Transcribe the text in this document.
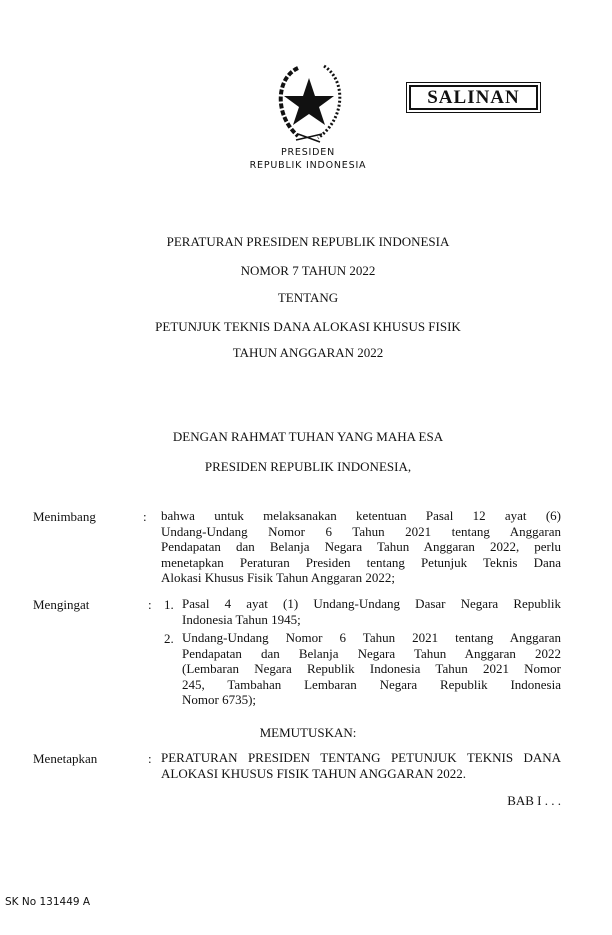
SALINAN
PRESIDEN
REPUBLIK INDONESIA
PERATURAN PRESIDEN REPUBLIK INDONESIA
NOMOR 7 TAHUN 2022
TENTANG
PETUNJUK TEKNIS DANA ALOKASI KHUSUS FISIK
TAHUN ANGGARAN 2022
DENGAN RAHMAT TUHAN YANG MAHA ESA
PRESIDEN REPUBLIK INDONESIA,
Menimbang	: bahwa untuk melaksanakan ketentuan Pasal 12 ayat (6)
Undang-Undang Nomor 6 Tahun 2021 tentang Anggaran
Pendapatan dan Belanja Negara Tahun Anggaran 2022, perlu
menetapkan Peraturan Presiden tentang Petunjuk Teknis Dana
Alokasi Khusus Fisik Tahun Anggaran 2022;
Mengingat	: 1. Pasal 4 ayat (1) Undang-Undang Dasar Negara Republik
Indonesia Tahun 1945;
2. Undang-Undang Nomor 6 Tahun 2021 tentang Anggaran
Pendapatan dan Belanja Negara Tahun Anggaran 2022
(Lembaran Negara Republik Indonesia Tahun 2021 Nomor
245, Tambahan Lembaran Negara Republik Indonesia
Nomor 6735);
MEMUTUSKAN:
Menetapkan	: PERATURAN PRESIDEN TENTANG PETUNJUK TEKNIS DANA
ALOKASI KHUSUS FISIK TAHUN ANGGARAN 2022.
BAB I . . .
SK No 131449 A
